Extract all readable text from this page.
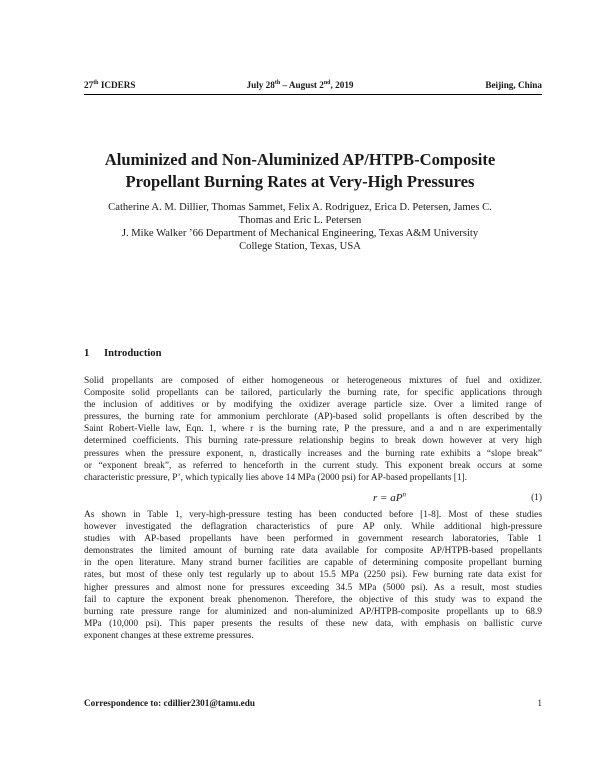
27th ICDERS	July 28th – August 2nd, 2019	Beijing, China
Aluminized and Non-Aluminized AP/HTPB-Composite
Propellant Burning Rates at Very-High Pressures
Catherine A. M. Dillier, Thomas Sammet, Felix A. Rodriguez, Erica D. Petersen, James C.
Thomas and Eric L. Petersen
J. Mike Walker ’66 Department of Mechanical Engineering, Texas A&M University
College Station, Texas, USA
1 Introduction
Solid propellants are composed of either homogeneous or heterogeneous mixtures of fuel and oxidizer.
Composite solid propellants can be tailored, particularly the burning rate, for specific applications through
the inclusion of additives or by modifying the oxidizer average particle size. Over a limited range of
pressures, the burning rate for ammonium perchlorate (AP)-based solid propellants is often described by the
Saint Robert-Vielle law, Eqn. 1, where r is the burning rate, P the pressure, and a and n are experimentally
determined coefficients. This burning rate-pressure relationship begins to break down however at very high
pressures when the pressure exponent, n, drastically increases and the burning rate exhibits a “slope break”
or “exponent break”, as referred to henceforth in the current study. This exponent break occurs at some
characteristic pressure, P’, which typically lies above 14 MPa (2000 psi) for AP-based propellants [1].
$r = aP^n$	(1)
As shown in Table 1, very-high-pressure testing has been conducted before [1-8]. Most of these studies
however investigated the deflagration characteristics of pure AP only. While additional high-pressure
studies with AP-based propellants have been performed in government research laboratories, Table 1
demonstrates the limited amount of burning rate data available for composite AP/HTPB-based propellants
in the open literature. Many strand burner facilities are capable of determining composite propellant burning
rates, but most of these only test regularly up to about 15.5 MPa (2250 psi). Few burning rate data exist for
higher pressures and almost none for pressures exceeding 34.5 MPa (5000 psi). As a result, most studies
fail to capture the exponent break phenomenon. Therefore, the objective of this study was to expand the
burning rate pressure range for aluminized and non-aluminized AP/HTPB-composite propellants up to 68.9
MPa (10,000 psi). This paper presents the results of these new data, with emphasis on ballistic curve
exponent changes at these extreme pressures.
Correspondence to: cdillier2301@tamu.edu	1
